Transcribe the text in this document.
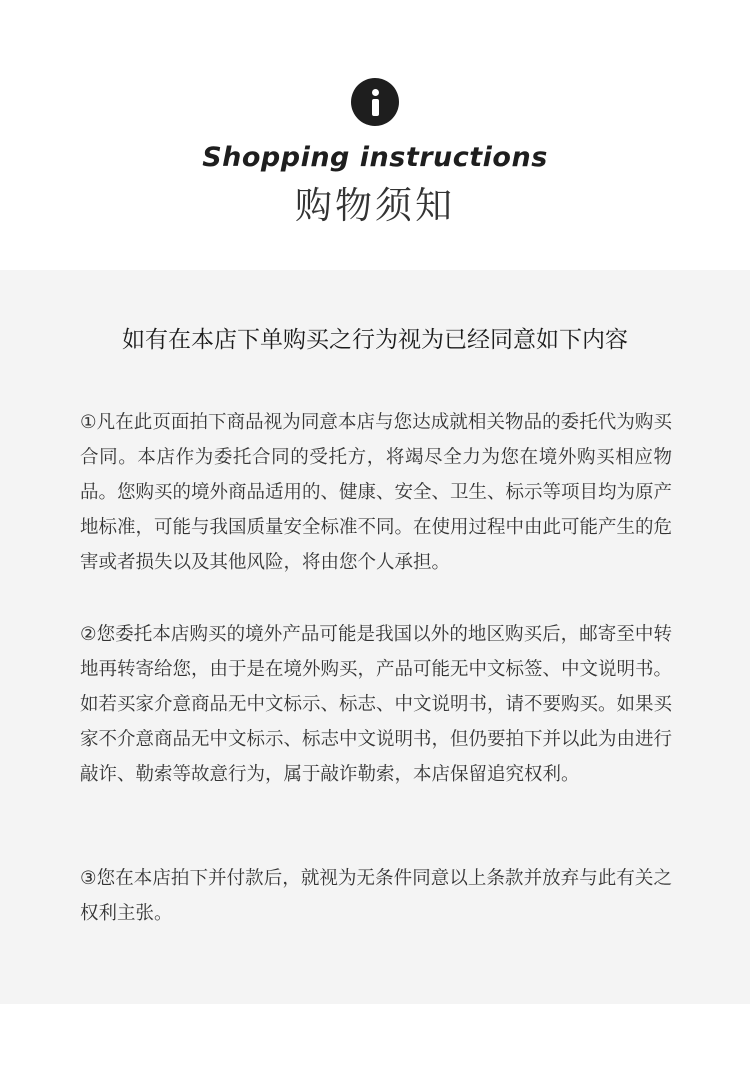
Shopping instructions
购物须知
如有在本店下单购买之行为视为已经同意如下内容
①凡在此页面拍下商品视为同意本店与您达成就相关物品的委托代为购买合同。本店作为委托合同的受托方，将竭尽全力为您在境外购买相应物品。您购买的境外商品适用的、健康、安全、卫生、标示等项目均为原产地标准，可能与我国质量安全标准不同。在使用过程中由此可能产生的危害或者损失以及其他风险，将由您个人承担。
②您委托本店购买的境外产品可能是我国以外的地区购买后，邮寄至中转地再转寄给您，由于是在境外购买，产品可能无中文标签、中文说明书。如若买家介意商品无中文标示、标志、中文说明书，请不要购买。如果买家不介意商品无中文标示、标志中文说明书，但仍要拍下并以此为由进行敲诈、勒索等故意行为，属于敲诈勒索，本店保留追究权利。
③您在本店拍下并付款后，就视为无条件同意以上条款并放弃与此有关之权利主张。
